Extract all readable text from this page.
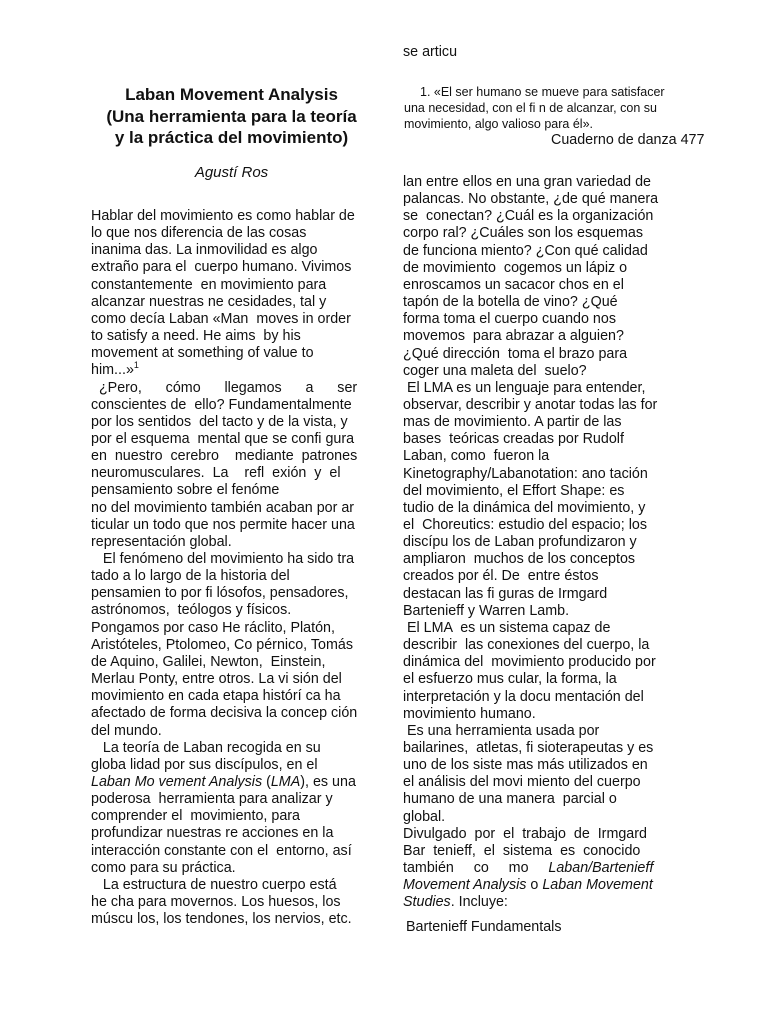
se articu
1. «El ser humano se mueve para satisfacer
una necesidad, con el fi n de alcanzar, con su
movimiento, algo valioso para él».
Cuaderno de danza 477
Laban Movement Analysis
(Una herramienta para la teoría
y la práctica del movimiento)
Agustí Ros
Hablar del movimiento es como hablar de
lo que nos diferencia de las cosas
inanima das. La inmovilidad es algo
extraño para el  cuerpo humano. Vivimos
constantemente  en movimiento para
alcanzar nuestras ne cesidades, tal y
como decía Laban «Man  moves in order
to satisfy a need. He aims  by his
movement at something of value to
him...»$^1$
¿Pero,      cómo      llegamos      a      ser
conscientes de  ello? Fundamentalmente
por los sentidos  del tacto y de la vista, y
por el esquema  mental que se confi gura
en  nuestro  cerebro    mediante  patrones
neuromusculares.  La    refl  exión  y  el
pensamiento sobre el fenóme
no del movimiento también acaban por ar
ticular un todo que nos permite hacer una
representación global.
El fenómeno del movimiento ha sido tra
tado a lo largo de la historia del
pensamien to por fi lósofos, pensadores,
astrónomos,  teólogos y físicos.
Pongamos por caso He ráclito, Platón,
Aristóteles, Ptolomeo, Co pérnico, Tomás
de Aquino, Galilei, Newton,  Einstein,
Merlau Ponty, entre otros. La vi sión del
movimiento en cada etapa histórí ca ha
afectado de forma decisiva la concep ción
del mundo.
La teoría de Laban recogida en su
globa lidad por sus discípulos, en el
Laban Mo vement Analysis (LMA), es una
poderosa  herramienta para analizar y
comprender el  movimiento, para
profundizar nuestras re acciones en la
interacción constante con el  entorno, así
como para su práctica.
La estructura de nuestro cuerpo está
he cha para movernos. Los huesos, los
múscu los, los tendones, los nervios, etc.
lan entre ellos en una gran variedad de
palancas. No obstante, ¿de qué manera
se  conectan? ¿Cuál es la organización
corpo ral? ¿Cuáles son los esquemas
de funciona miento? ¿Con qué calidad
de movimiento  cogemos un lápiz o
enroscamos un sacacor chos en el
tapón de la botella de vino? ¿Qué
forma toma el cuerpo cuando nos
movemos  para abrazar a alguien?
¿Qué dirección  toma el brazo para
coger una maleta del  suelo?
El LMA es un lenguaje para entender,
observar, describir y anotar todas las for
mas de movimiento. A partir de las
bases  teóricas creadas por Rudolf
Laban, como  fueron la
Kinetography/Labanotation: ano tación
del movimiento, el Effort Shape: es
tudio de la dinámica del movimiento, y
el  Choreutics: estudio del espacio; los
discípu los de Laban profundizaron y
ampliaron  muchos de los conceptos
creados por él. De  entre éstos
destacan las fi guras de Irmgard
Bartenieff y Warren Lamb.
El LMA  es un sistema capaz de
describir  las conexiones del cuerpo, la
dinámica del  movimiento producido por
el esfuerzo mus cular, la forma, la
interpretación y la docu mentación del
movimiento humano.
Es una herramienta usada por
bailarines,  atletas, fi sioterapeutas y es
uno de los siste mas más utilizados en
el análisis del movi miento del cuerpo
humano de una manera  parcial o
global.
Divulgado  por  el  trabajo  de  Irmgard
Bar  tenieff,  el  sistema  es  conocido
también     co     mo     Laban/Bartenieff
Movement Analysis o Laban Movement
Studies. Incluye:
Bartenieff Fundamentals
